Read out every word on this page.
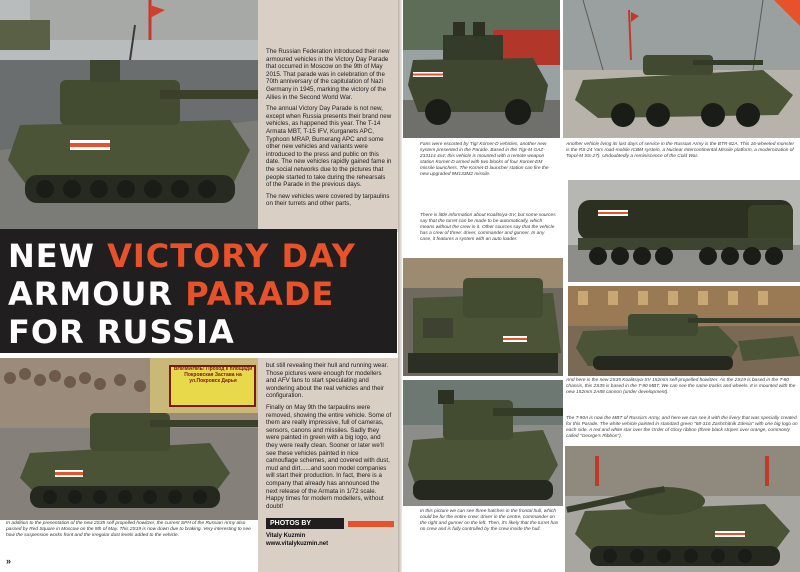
The Russian Federation introduced their new armoured vehicles in the Victory Day Parade that occurred in Moscow on the 9th of May 2015. That parade was in celebration of the 70th anniversary of the capitulation of Nazi Germany in 1945, marking the victory of the Allies in the Second World War.

The annual Victory Day Parade is not new, except when Russia presents their brand new vehicles, as happened this year. The T-14 Armata MBT, T-15 IFV, Kurganets APC, Typhoon MRAP, Bumerang APC and some other new vehicles and variants were introduced to the press and public on this date. The new vehicles rapidly gained fame in the social networks due to the pictures that people started to take during the rehearsals of the Parade in the previous days.

The new vehicles were covered by tarpaulins on their turrets and other parts,

NEW VICTORY DAY
ARMOUR PARADE
FOR RUSSIA
ВНИМАНИЕ! Проход к площади Покровская Застава на ул.Покровск Дарья

but still revealing their hull and running wear. Those pictures were enough for modellers and AFV fans to start speculating and wondering about the real vehicles and their configuration.

Finally on May 9th the tarpaulins were removed, showing the entire vehicle. Some of them are really impressive, full of cameras, sensors, canons and missiles. Sadly they were painted in green with a big logo, and they were really clean. Sooner or later we'll see these vehicles painted in nice camouflage schemes, and covered with dust, mud and dirt......and soon model companies will start their production. In fact, there is a company that already has announced the next release of the Armata in 1/72 scale. Happy times for modern modellers, without doubt!

PHOTOS BY
Vitaly Kuzmin
www.vitalykuzmin.net
In addition to the presentation of the new 2S35 self propelled howitzer, the current SPH of the Russian Army also passed by Red Square in Moscow on the 9th of May. This 2S19 is now down due to braking. Very interesting to see how the suspension works front and the irregular dust levels added to the vehicle.
»
Fans were escorted by Tigr Kornet-D vehicles, another new system presented in the Parade. Based in the Tigr-M GAZ-233114 4x4, this vehicle is mounted with a remote weapon station Kornet-D armed with two blocks of four Kornet-EM missile launchers. The Kornet-D launcher station can fire the new upgraded 9M133M2 missile.
Another vehicle living its last days of service in the Russian Army is the BTR-82A. This 16-wheeled monster is the RS-24 Yars road-mobile ICBM system, a Nuclear Intercontinental Missile platform, a modernization of Topol-M SS-27). Undoubtedly a reminiscence of the Cold War.
There is little information about Koalitsiya-SV, but some sources say that the turret can be made to be automatically, which means without the crew in it. Other sources say that the vehicle has a crew of three: driver, commander and gunner. In any case, it features a system with an auto loader.
And here is the new 2S35 Koalitsiya-SV 152mm self-propelled howitzer. As the 2S19 is based in the T-80 chassis, this 2S35 is based in the T-90 MBT. We can see the same tracks and wheels. It is mounted with the new 152mm 2A88 cannon (under development).
In this picture we can see three hatches in the frontal hull, which could be for the entire crew: driver in the centre, commander on the right and gunner on the left. Then, it's likely that the turret has no crew and is fully controlled by the crew inside the hull.
The T-90A is now the MBT of Russia's Army, and here we can see it with the livery that was specially created for this Parade. The white vehicle painted in standard green "68-316 Zashchitnik Zdesia" with one big logo on each side. A red and white star over the Order of Glory ribbon (three black stripes over orange, commonly called "George's Ribbon").
